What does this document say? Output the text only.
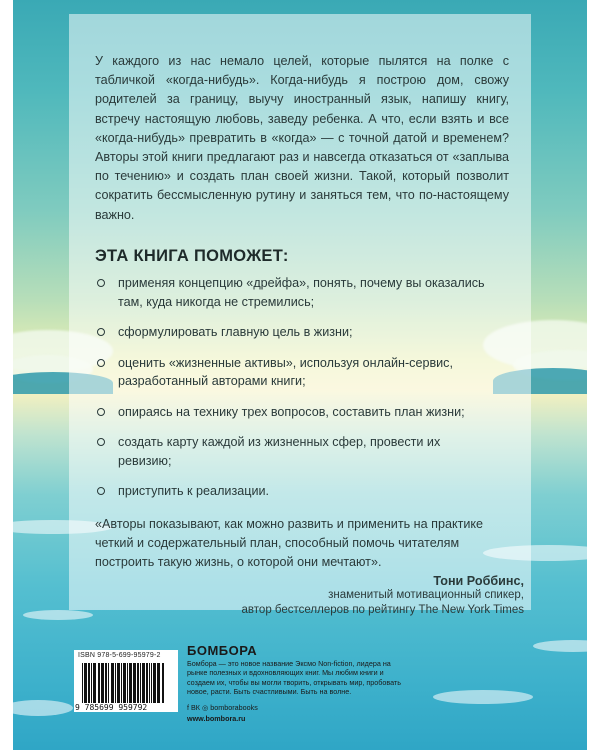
У каждого из нас немало целей, которые пылятся на полке с табличкой «когда-нибудь». Когда-нибудь я построю дом, свожу родителей за границу, выучу иностранный язык, напишу книгу, встречу настоящую любовь, заведу ребенка. А что, если взять и все «когда-нибудь» превратить в «когда» — с точной датой и временем? Авторы этой книги предлагают раз и навсегда отказаться от «заплыва по течению» и создать план своей жизни. Такой, который позволит сократить бессмысленную рутину и заняться тем, что по-настоящему важно.

ЭТА КНИГА ПОМОЖЕТ:
применяя концепцию «дрейфа», понять, почему вы оказались там, куда никогда не стремились;
сформулировать главную цель в жизни;
оценить «жизненные активы», используя онлайн-сервис, разработанный авторами книги;
опираясь на технику трех вопросов, составить план жизни;
создать карту каждой из жизненных сфер, провести их ревизию;
приступить к реализации.

«Авторы показывают, как можно развить и применить на практике четкий и содержательный план, способный помочь читателям построить такую жизнь, о которой они мечтают».

Тони Роббинс,
знаменитый мотивационный спикер,
автор бестселлеров по рейтингу The New York Times
ISBN 978-5-699-95979-2
9 785699 959792
БОМБОРА

Бомбора — это новое название Эксмо Non-fiction, лидера на рынке полезных и вдохновляющих книг. Мы любим книги и создаем их, чтобы вы могли творить, открывать мир, пробовать новое, расти. Быть счастливыми. Быть на волне.

f ВК ◎ bomborabooks
www.bombora.ru
